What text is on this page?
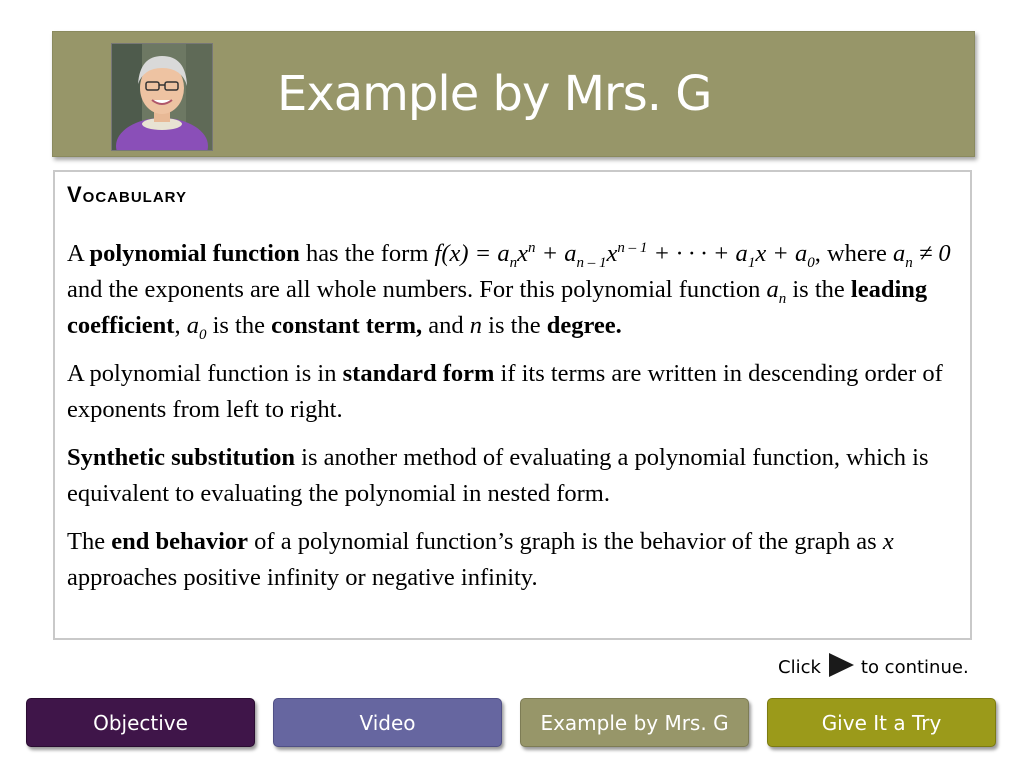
Example by Mrs. G
Vocabulary

A polynomial function has the form $f(x) = a_nx^n + a_{n - 1}x^{n - 1}$ + · · · + $a_1x + a_0$, where $a_n \ne 0$ and the exponents are all whole numbers. For this polynomial function $a_n$ is the leading coefficient, $a_0$ is the constant term, and n is the degree.

A polynomial function is in standard form if its terms are written in descending order of exponents from left to right.

Synthetic substitution is another method of evaluating a polynomial function, which is equivalent to evaluating the polynomial in nested form.

The end behavior of a polynomial function’s graph is the behavior of the graph as x approaches positive infinity or negative infinity.

Click to continue.
Objective	Video	Example by Mrs. G	Give It a Try
